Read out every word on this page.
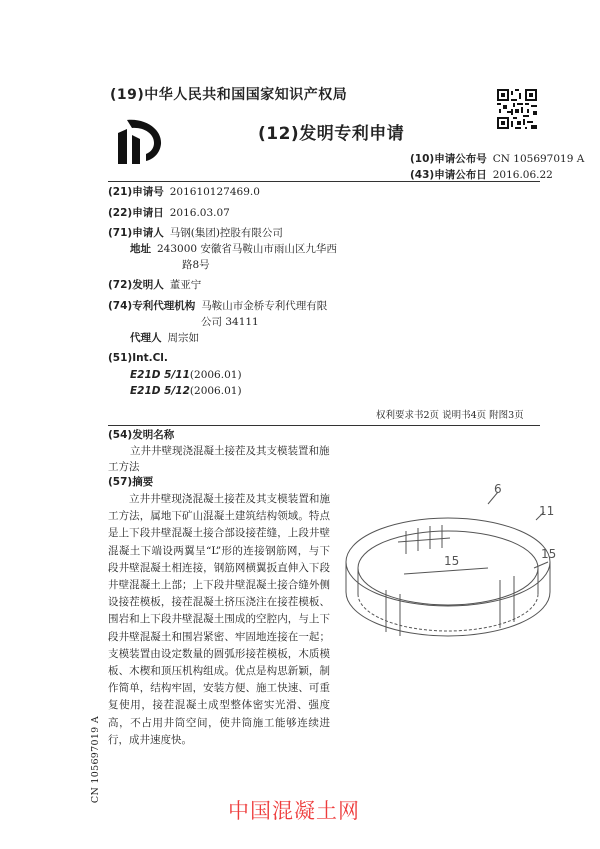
(19)中华人民共和国国家知识产权局
(12)发明专利申请
(10)申请公布号 CN 105697019 A
(43)申请公布日 2016.06.22
(21)申请号 201610127469.0
(22)申请日 2016.03.07
(71)申请人 马钢(集团)控股有限公司
地址 243000 安徽省马鞍山市雨山区九华西
路8号
(72)发明人 董亚宁
(74)专利代理机构 马鞍山市金桥专利代理有限
公司 34111
代理人 周宗如
(51)Int.Cl.
E21D 5/11(2006.01)
E21D 5/12(2006.01)
权利要求书2页 说明书4页 附图3页
(54)发明名称
立井井壁现浇混凝土接茬及其支模装置和施
工方法
(57)摘要
立井井壁现浇混凝土接茬及其支模装置和施工方法，属地下矿山混凝土建筑结构领域。特点是上下段井壁混凝土接合部设接茬缝，上段井壁混凝土下端设两翼呈“L”形的连接钢筋网，与下段井壁混凝土相连接，钢筋网横翼扳直伸入下段井壁混凝土上部；上下段井壁混凝土接合缝外侧设接茬模板，接茬混凝土挤压浇注在接茬模板、围岩和上下段井壁混凝土围成的空腔内，与上下段井壁混凝土和围岩紧密、牢固地连接在一起；支模装置由设定数量的圆弧形接茬模板，木质模板、木楔和顶压机构组成。优点是构思新颖，制作简单，结构牢固，安装方便、施工快速、可重复使用，接茬混凝土成型整体密实光滑、强度高，不占用井筒空间，使井筒施工能够连续进行，成井速度快。
6
11
15
15
CN 105697019 A
中国混凝土网
